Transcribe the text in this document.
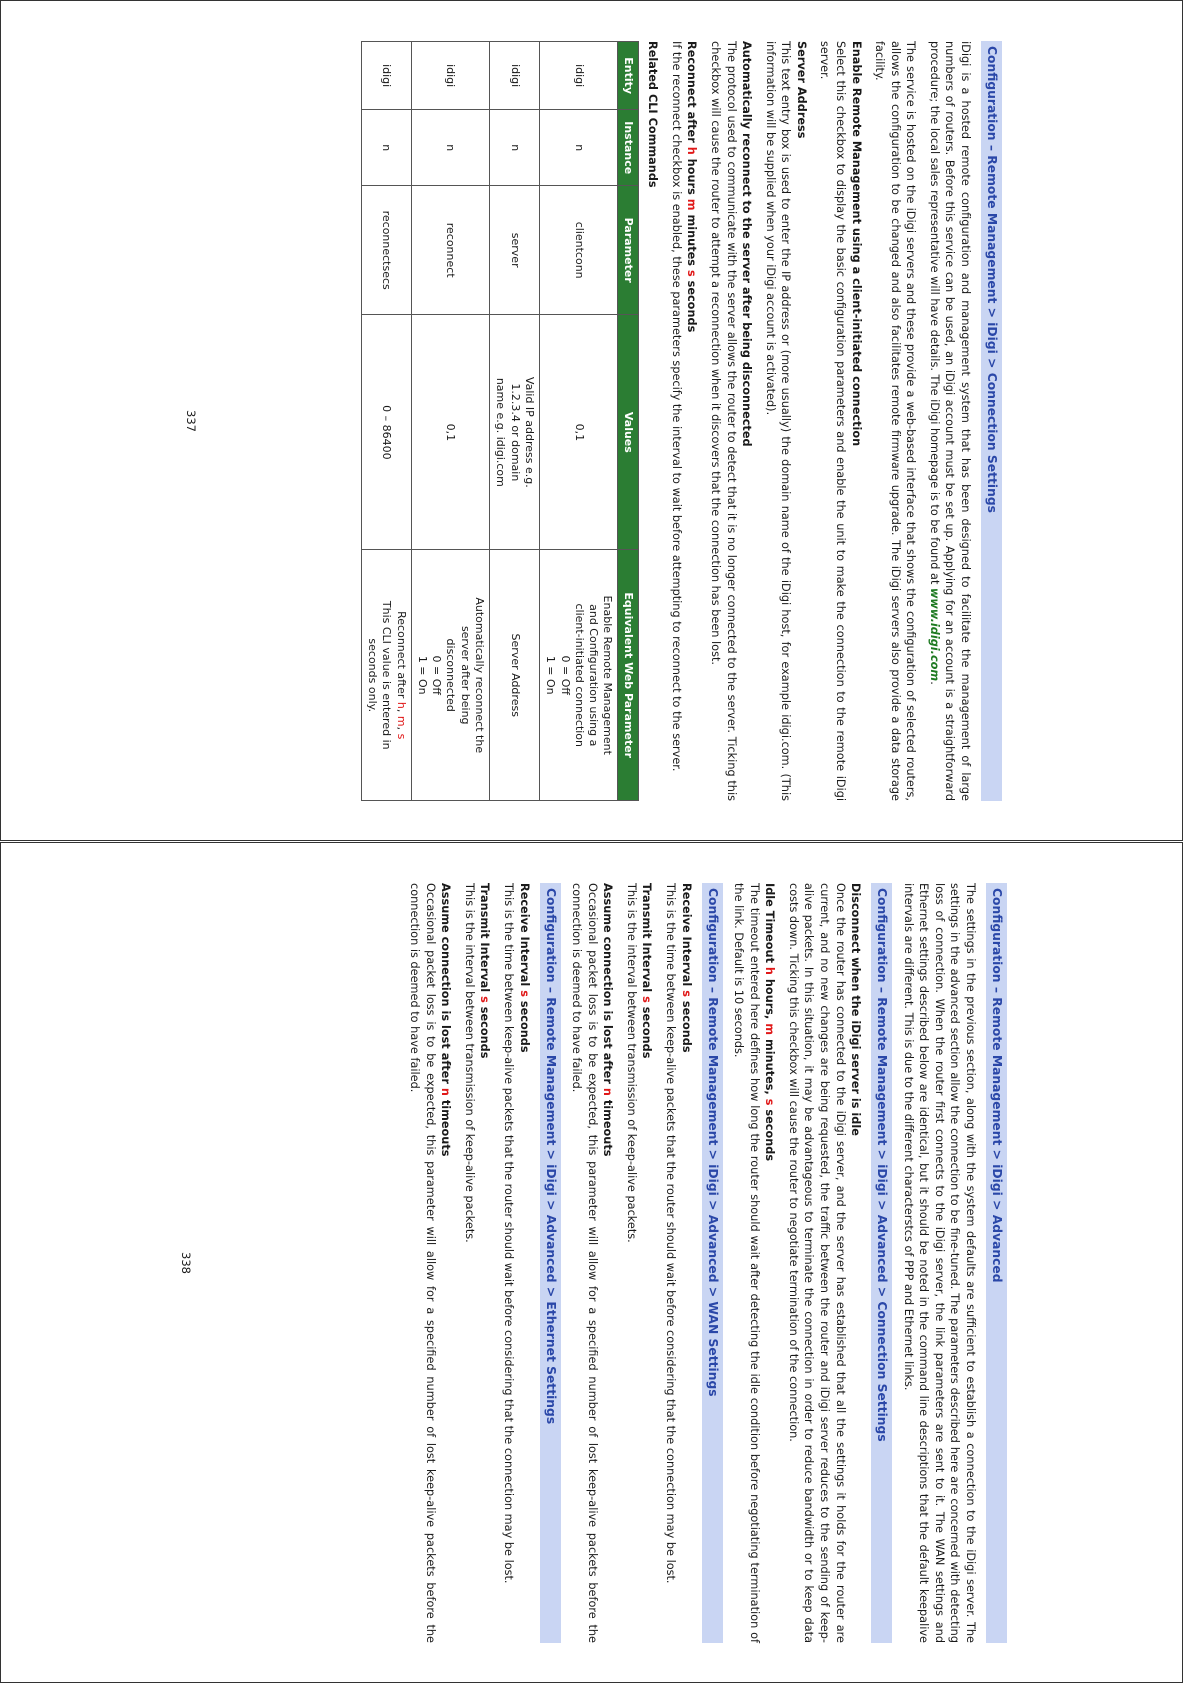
Configuration – Remote Management > iDigi > Connection Settings

iDigi is a hosted remote configuration and management system that has been designed to facilitate the management of large numbers of routers. Before this service can be used, an iDigi account must be set up. Applying for an account is a straightforward procedure; the local sales representative will have details. The iDigi homepage is to be found at www.idigi.com.

The service is hosted on the iDigi servers and these provide a web-based interface that shows the configuration of selected routers, allows the configuration to be changed and also facilitates remote firmware upgrade. The iDigi servers also provide a data storage facility.

Enable Remote Management using a client-initiated connection

Select this checkbox to display the basic configuration parameters and enable the unit to make the connection to the remote iDigi server.

Server Address

This text entry box is used to enter the IP address or (more usually) the domain name of the iDigi host, for example idigi.com. (This information will be supplied when your iDigi account is activated).

Automatically reconnect to the server after being disconnected

The protocol used to communicate with the server allows the router to detect that it is no longer connected to the server. Ticking this checkbox will cause the router to attempt a reconnection when it discovers that the connection has been lost.

Reconnect after h hours m minutes s seconds

If the reconnect checkbox is enabled, these parameters specify the interval to wait before attempting to reconnect to the server.

Related CLI Commands
Entity	Instance	Parameter	Values	Equivalent Web Parameter
idigi	n	clientconn	0,1	Enable Remote Management
and Configuration using a
client-initiated connection
0 = Off
1 = On

idigi	n	server	Valid IP address e.g.
1.2.3.4 or domain
name e.g. idigi.com	Server Address
idigi	n	reconnect	0,1	Automatically reconnect the
server after being
disconnected
0 = Off
1 = On

idigi	n	reconnectsecs	0 – 86400	Reconnect after h, m, s
This CLI value is entered in
seconds only.
337
Configuration – Remote Management > iDigi > Advanced

The settings in the previous section, along with the system defaults are sufficient to establish a connection to the iDigi server. The settings in the advanced section allow the connection to be fine-tuned. The parameters described here are concerned with detecting loss of connection. When the router first connects to the iDigi server, the link parameters are sent to it. The WAN settings and Ethernet settings described below are identical, but it should be noted in the command line descriptions that the default keepalive intervals are different. This is due to the different characterstcs of PPP and Ethernet links.

Configuration – Remote Management > iDigi > Advanced > Connection Settings
Disconnect when the iDigi server is idle

Once the router has connected to the iDigi server, and the server has established that all the settings it holds for the router are current, and no new changes are being requested, the traffic between the router and iDigi server reduces to the sending of keep-alive packets. In this situation, it may be advantageous to terminate the connection in order to reduce bandwidth or to keep data costs down. Ticking this checkbox will cause the router to negotiate termination of the connection.

Idle Timeout h hours, m minutes, s seconds

The timeout entered here defines how long the router should wait after detecting the idle condition before negotiating termination of the link. Default is 10 seconds.

Configuration – Remote Management > iDigi > Advanced > WAN Settings
Receive Interval s seconds

This is the time between keep-alive packets that the router should wait before considering that the connection may be lost.

Transmit Interval s seconds

This is the interval between transmission of keep-alive packets.

Assume connection is lost after n timeouts

Occasional packet loss is to be expected, this parameter will allow for a specified number of lost keep-alive packets before the connection is deemed to have failed.

Configuration – Remote Management > iDigi > Advanced > Ethernet Settings
Receive Interval s seconds

This is the time between keep-alive packets that the router should wait before considering that the connection may be lost.

Transmit Interval s seconds

This is the interval between transmission of keep-alive packets.

Assume connection is lost after n timeouts

Occasional packet loss is to be expected, this parameter will allow for a specified number of lost keep-alive packets before the connection is deemed to have failed.

338
